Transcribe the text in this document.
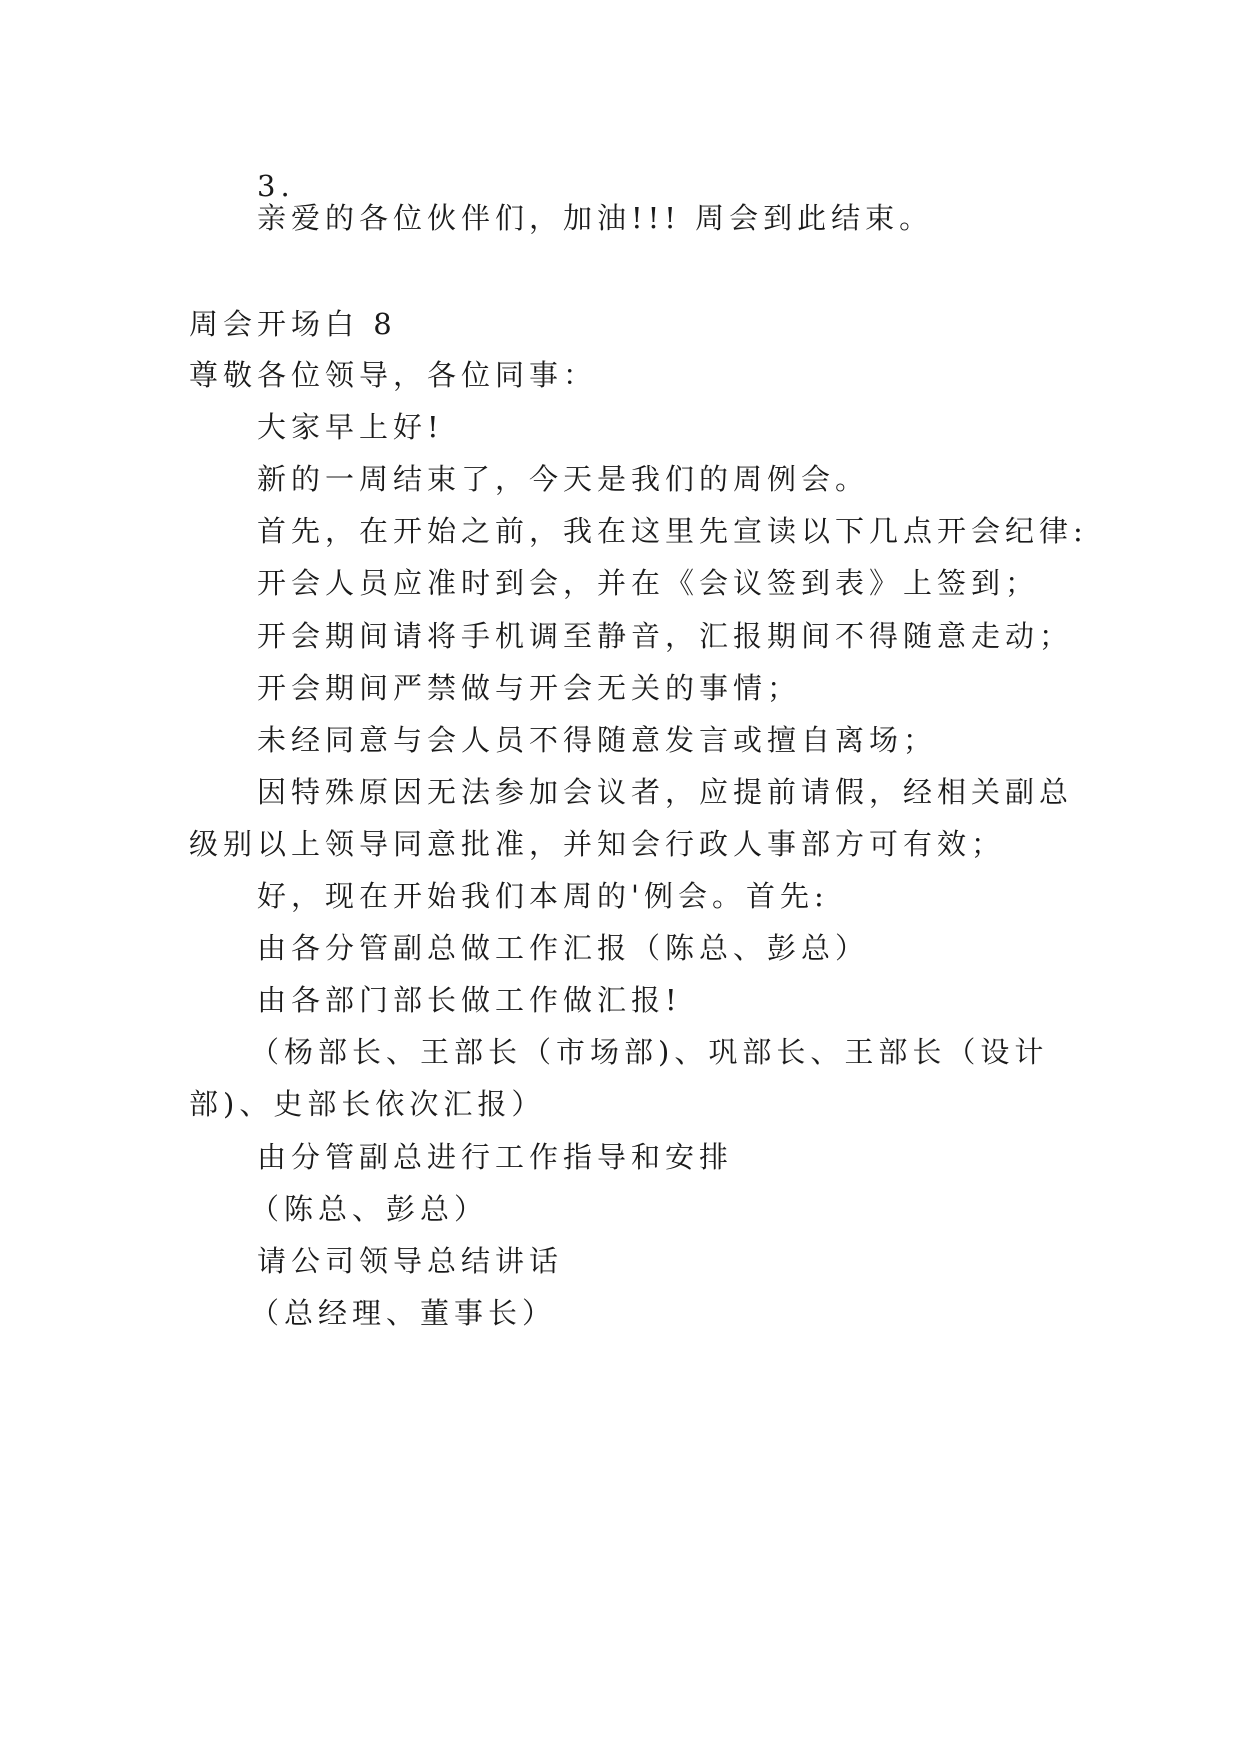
3.

亲爱的各位伙伴们，加油!!! 周会到此结束。

周会开场白 8

尊敬各位领导，各位同事：

大家早上好!

新的一周结束了，今天是我们的周例会。

首先，在开始之前，我在这里先宣读以下几点开会纪律:

开会人员应准时到会，并在《会议签到表》上签到；

开会期间请将手机调至静音，汇报期间不得随意走动；

开会期间严禁做与开会无关的事情；

未经同意与会人员不得随意发言或擅自离场；

因特殊原因无法参加会议者，应提前请假，经相关副总

级别以上领导同意批准，并知会行政人事部方可有效；

好，现在开始我们本周的'例会。首先:

由各分管副总做工作汇报（陈总、彭总）

由各部门部长做工作做汇报!

（杨部长、王部长（市场部)、巩部长、王部长（设计

部)、史部长依次汇报）

由分管副总进行工作指导和安排

（陈总、彭总）

请公司领导总结讲话

（总经理、董事长）
